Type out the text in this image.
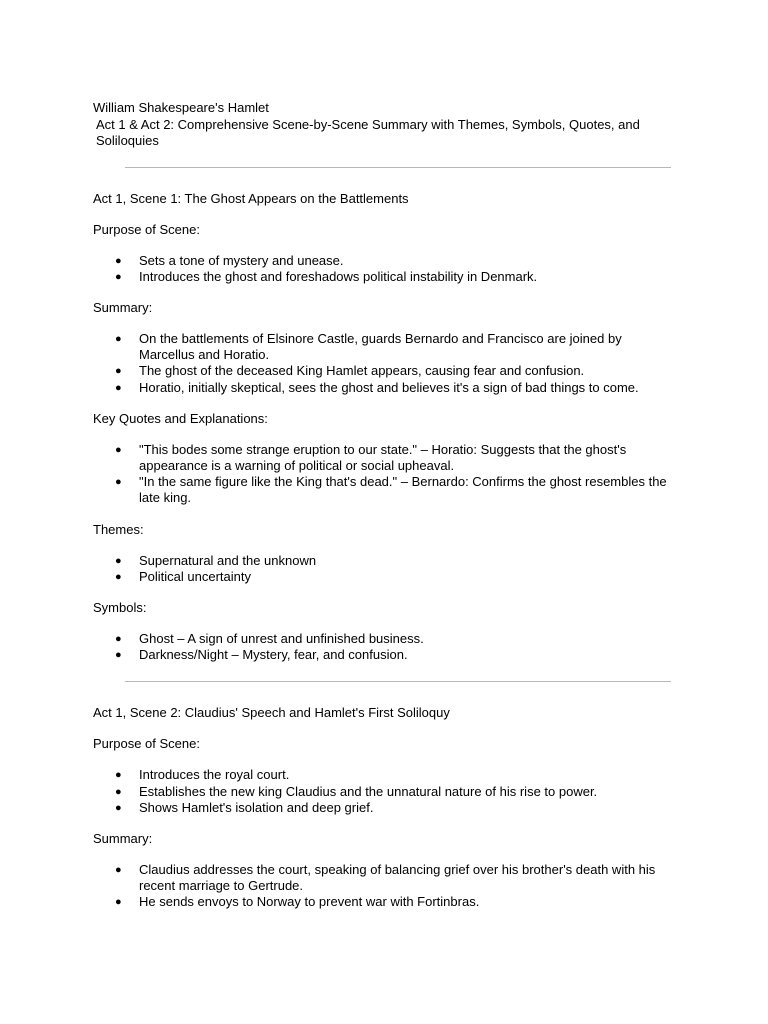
William Shakespeare's Hamlet

Act 1 & Act 2: Comprehensive Scene-by-Scene Summary with Themes, Symbols, Quotes, and Soliloquies

Act 1, Scene 1: The Ghost Appears on the Battlements

Purpose of Scene:

● Sets a tone of mystery and unease.
● Introduces the ghost and foreshadows political instability in Denmark.

Summary:

● On the battlements of Elsinore Castle, guards Bernardo and Francisco are joined by Marcellus and Horatio.
● The ghost of the deceased King Hamlet appears, causing fear and confusion.
● Horatio, initially skeptical, sees the ghost and believes it's a sign of bad things to come.

Key Quotes and Explanations:

● "This bodes some strange eruption to our state." – Horatio: Suggests that the ghost's appearance is a warning of political or social upheaval.
● "In the same figure like the King that's dead." – Bernardo: Confirms the ghost resembles the late king.

Themes:

● Supernatural and the unknown
● Political uncertainty

Symbols:

● Ghost – A sign of unrest and unfinished business.
● Darkness/Night – Mystery, fear, and confusion.

Act 1, Scene 2: Claudius' Speech and Hamlet's First Soliloquy

Purpose of Scene:

● Introduces the royal court.
● Establishes the new king Claudius and the unnatural nature of his rise to power.
● Shows Hamlet's isolation and deep grief.

Summary:

● Claudius addresses the court, speaking of balancing grief over his brother's death with his recent marriage to Gertrude.
● He sends envoys to Norway to prevent war with Fortinbras.
